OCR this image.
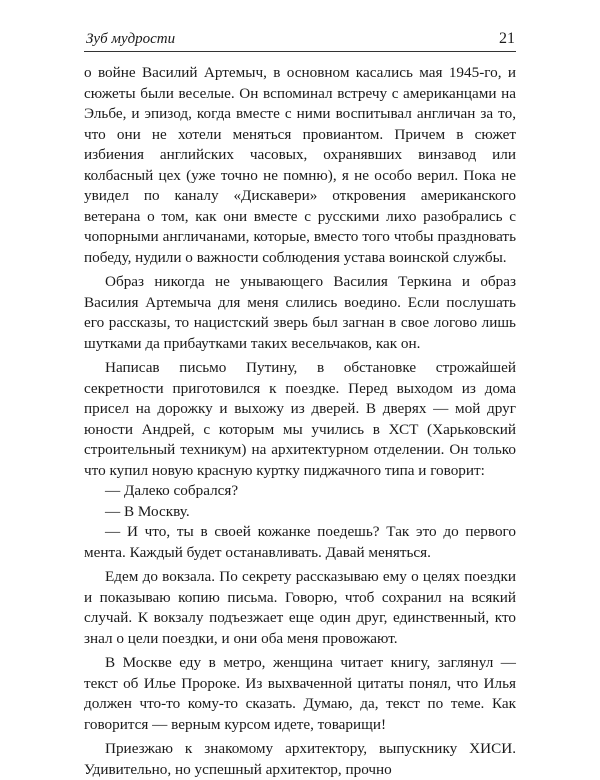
Зуб мудрости	21

о войне Василий Артемыч, в основном касались мая 1945-го, и сюжеты были веселые. Он вспоминал встречу с американцами на Эльбе, и эпизод, когда вместе с ними воспитывал англичан за то, что они не хотели меняться провиантом. Причем в сюжет избиения английских часовых, охранявших винзавод или колбасный цех (уже точно не помню), я не особо верил. Пока не увидел по каналу «Дискавери» откровения американского ветерана о том, как они вместе с русскими лихо разобрались с чопорными англичанами, которые, вместо того чтобы праздновать победу, нудили о важности соблюдения устава воинской службы.

Образ никогда не унывающего Василия Теркина и образ Василия Артемыча для меня слились воедино. Если послушать его рассказы, то нацистский зверь был загнан в свое логово лишь шутками да прибаутками таких весельчаков, как он.

Написав письмо Путину, в обстановке строжайшей секретности приготовился к поездке. Перед выходом из дома присел на дорожку и выхожу из дверей. В дверях — мой друг юности Андрей, с которым мы учились в ХСТ (Харьковский строительный техникум) на архитектурном отделении. Он только что купил новую красную куртку пиджачного типа и говорит:

— Далеко собрался?

— В Москву.

— И что, ты в своей кожанке поедешь? Так это до первого мента. Каждый будет останавливать. Давай меняться.

Едем до вокзала. По секрету рассказываю ему о целях поездки и показываю копию письма. Говорю, чтоб сохранил на всякий случай. К вокзалу подъезжает еще один друг, единственный, кто знал о цели поездки, и они оба меня провожают.

В Москве еду в метро, женщина читает книгу, заглянул — текст об Илье Пророке. Из выхваченной цитаты понял, что Илья должен что-то кому-то сказать. Думаю, да, текст по теме. Как говорится — верным курсом идете, товарищи!

Приезжаю к знакомому архитектору, выпускнику ХИСИ. Удивительно, но успешный архитектор, прочно
